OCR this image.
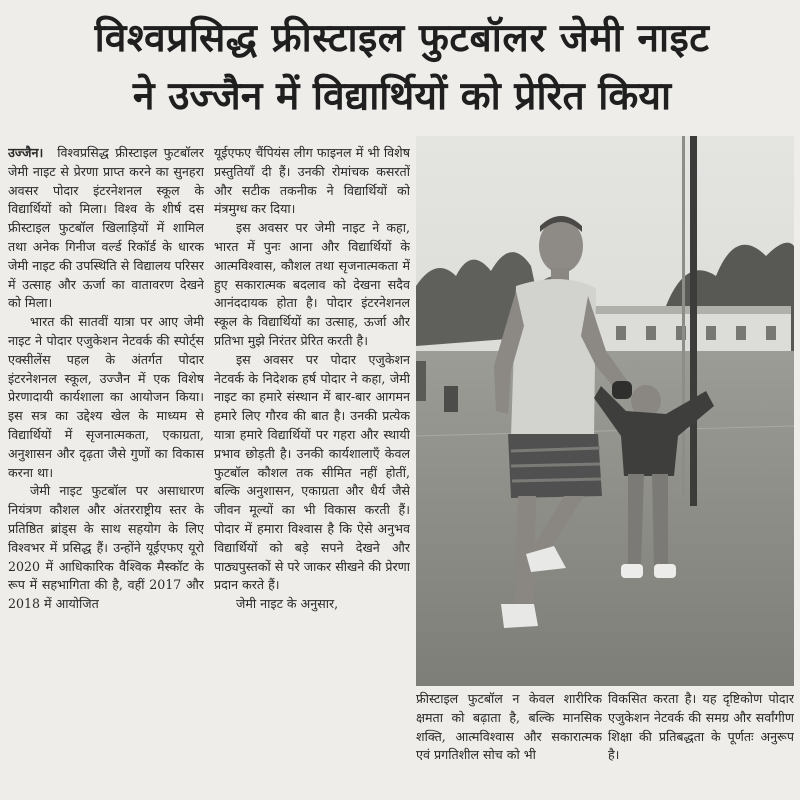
विश्वप्रसिद्ध फ्रीस्टाइल फुटबॉलर जेमी नाइट
ने उज्जैन में विद्यार्थियों को प्रेरित किया

उज्जैन। विश्वप्रसिद्ध फ्रीस्टाइल फुटबॉलर जेमी नाइट से प्रेरणा प्राप्त करने का सुनहरा अवसर पोदार इंटरनेशनल स्कूल के विद्यार्थियों को मिला। विश्व के शीर्ष दस फ्रीस्टाइल फुटबॉल खिलाड़ियों में शामिल तथा अनेक गिनीज वर्ल्ड रिकॉर्ड के धारक जेमी नाइट की उपस्थिति से विद्यालय परिसर में उत्साह और ऊर्जा का वातावरण देखने को मिला।

भारत की सातवीं यात्रा पर आए जेमी नाइट ने पोदार एजुकेशन नेटवर्क की स्पोर्ट्स एक्सीलेंस पहल के अंतर्गत पोदार इंटरनेशनल स्कूल, उज्जैन में एक विशेष प्रेरणादायी कार्यशाला का आयोजन किया। इस सत्र का उद्देश्य खेल के माध्यम से विद्यार्थियों में सृजनात्मकता, एकाग्रता, अनुशासन और दृढ़ता जैसे गुणों का विकास करना था।

जेमी नाइट फुटबॉल पर असाधारण नियंत्रण कौशल और अंतरराष्ट्रीय स्तर के प्रतिष्ठित ब्रांड्स के साथ सहयोग के लिए विश्वभर में प्रसिद्ध हैं। उन्होंने यूईएफए यूरो 2020 में आधिकारिक वैश्विक मैस्कॉट के रूप में सहभागिता की है, वहीं 2017 और 2018 में आयोजित

यूईएफए चैंपियंस लीग फाइनल में भी विशेष प्रस्तुतियाँ दी हैं। उनकी रोमांचक कसरतों और सटीक तकनीक ने विद्यार्थियों को मंत्रमुग्ध कर दिया।

इस अवसर पर जेमी नाइट ने कहा, भारत में पुनः आना और विद्यार्थियों के आत्मविश्वास, कौशल तथा सृजनात्मकता में हुए सकारात्मक बदलाव को देखना सदैव आनंददायक होता है। पोदार इंटरनेशनल स्कूल के विद्यार्थियों का उत्साह, ऊर्जा और प्रतिभा मुझे निरंतर प्रेरित करती है।

इस अवसर पर पोदार एजुकेशन नेटवर्क के निदेशक हर्ष पोदार ने कहा, जेमी नाइट का हमारे संस्थान में बार-बार आगमन हमारे लिए गौरव की बात है। उनकी प्रत्येक यात्रा हमारे विद्यार्थियों पर गहरा और स्थायी प्रभाव छोड़ती है। उनकी कार्यशालाएँ केवल फुटबॉल कौशल तक सीमित नहीं होतीं, बल्कि अनुशासन, एकाग्रता और धैर्य जैसे जीवन मूल्यों का भी विकास करती हैं। पोदार में हमारा विश्वास है कि ऐसे अनुभव विद्यार्थियों को बड़े सपने देखने और पाठ्यपुस्तकों से परे जाकर सीखने की प्रेरणा प्रदान करते हैं।

जेमी नाइट के अनुसार,

फ्रीस्टाइल फुटबॉल न केवल शारीरिक क्षमता को बढ़ाता है, बल्कि मानसिक शक्ति, आत्मविश्वास और सकारात्मक एवं प्रगतिशील सोच को भी

विकसित करता है। यह दृष्टिकोण पोदार एजुकेशन नेटवर्क की समग्र और सर्वांगीण शिक्षा की प्रतिबद्धता के पूर्णतः अनुरूप है।
